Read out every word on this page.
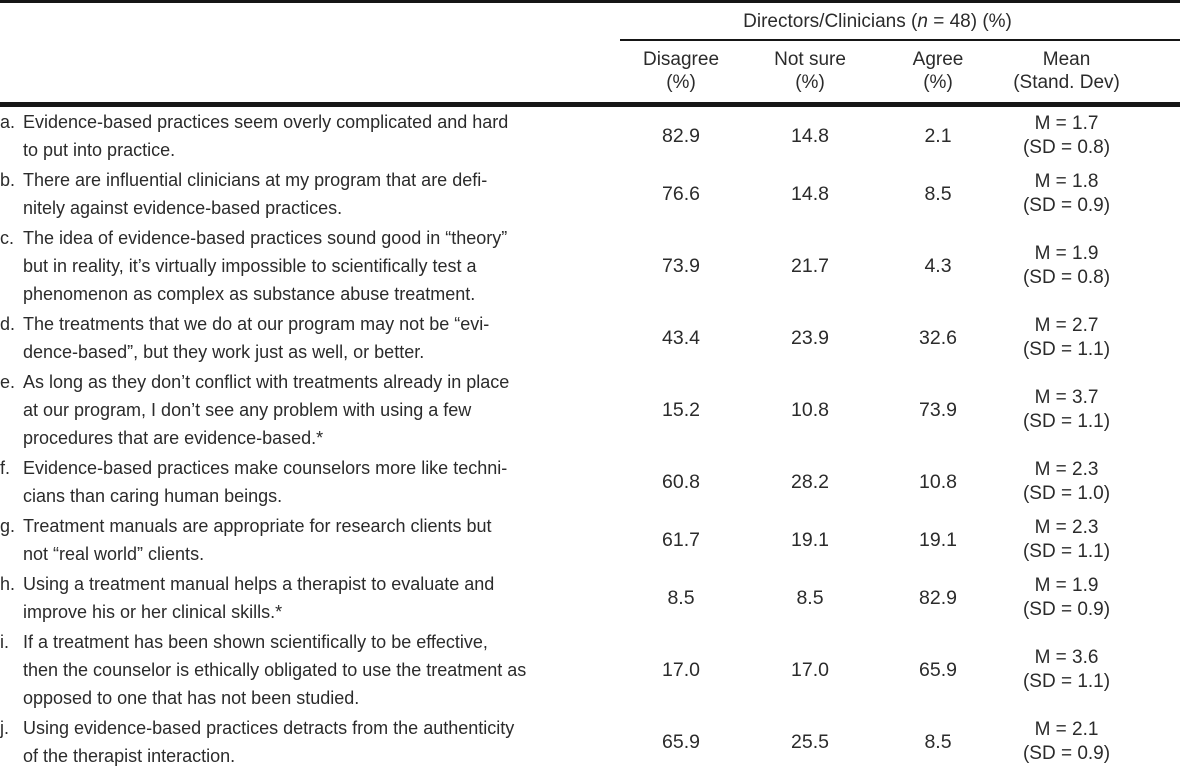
	Directors/Clinicians (n = 48) (%)			
	Disagree
(%)	Not sure
(%)	Agree
(%)	Mean
(Stand. Dev)

a. Evidence-based practices seem overly complicated and hard
to put into practice.	82.9	14.8	2.1	M = 1.7
(SD = 0.8)

b. There are influential clinicians at my program that are defi-
nitely against evidence-based practices.	76.6	14.8	8.5	M = 1.8
(SD = 0.9)

c. The idea of evidence-based practices sound good in “theory”
but in reality, it’s virtually impossible to scientifically test a
phenomenon as complex as substance abuse treatment.	73.9	21.7	4.3	M = 1.9
(SD = 0.8)

d. The treatments that we do at our program may not be “evi-
dence-based”, but they work just as well, or better.	43.4	23.9	32.6	M = 2.7
(SD = 1.1)

e. As long as they don’t conflict with treatments already in place
at our program, I don’t see any problem with using a few
procedures that are evidence-based.*	15.2	10.8	73.9	M = 3.7
(SD = 1.1)

f. Evidence-based practices make counselors more like techni-
cians than caring human beings.	60.8	28.2	10.8	M = 2.3
(SD = 1.0)

g. Treatment manuals are appropriate for research clients but
not “real world” clients.	61.7	19.1	19.1	M = 2.3
(SD = 1.1)

h. Using a treatment manual helps a therapist to evaluate and
improve his or her clinical skills.*	8.5	8.5	82.9	M = 1.9
(SD = 0.9)

i. If a treatment has been shown scientifically to be effective,
then the counselor is ethically obligated to use the treatment as
opposed to one that has not been studied.	17.0	17.0	65.9	M = 3.6
(SD = 1.1)

j. Using evidence-based practices detracts from the authenticity
of the therapist interaction.	65.9	25.5	8.5	M = 2.1
(SD = 0.9)
